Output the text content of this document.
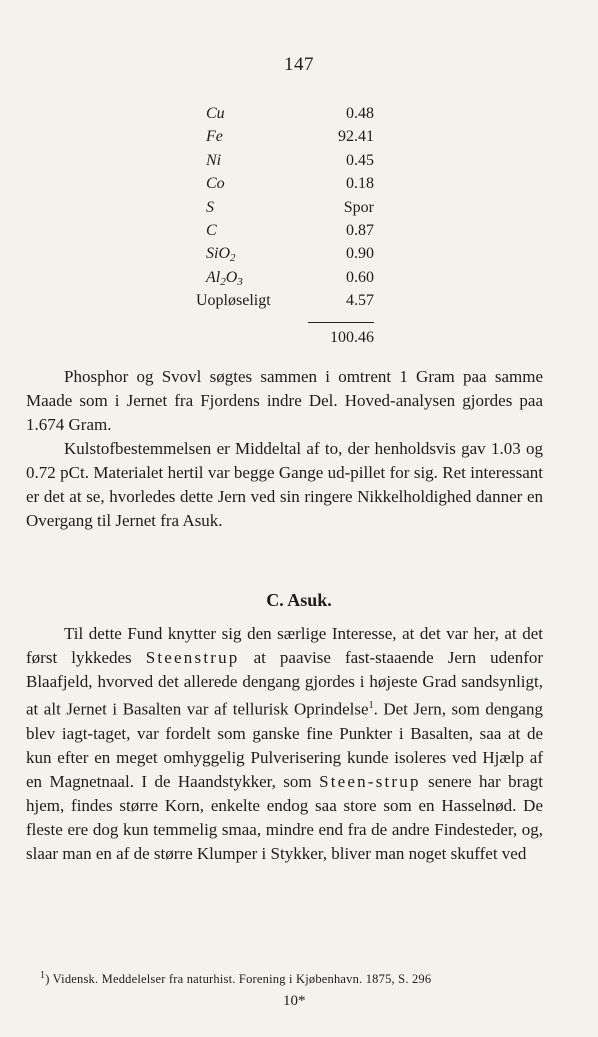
147
Cu	0.48
Fe	92.41
Ni	0.45
Co	0.18
S	Spor
C	0.87
SiO$_2$	0.90
$Al_2O_3$	0.60
Uopløseligt	4.57
100.46

Phosphor og Svovl søgtes sammen i omtrent 1 Gram paa samme Maade som i Jernet fra Fjordens indre Del. Hoved-analysen gjordes paa 1.674 Gram.

Kulstofbestemmelsen er Middeltal af to, der henholdsvis gav 1.03 og 0.72 pCt. Materialet hertil var begge Gange ud-pillet for sig. Ret interessant er det at se, hvorledes dette Jern ved sin ringere Nikkelholdighed danner en Overgang til Jernet fra Asuk.

C. Asuk.

Til dette Fund knytter sig den særlige Interesse, at det var her, at det først lykkedes Steenstrup at paavise fast-staaende Jern udenfor Blaafjeld, hvorved det allerede dengang gjordes i højeste Grad sandsynligt, at alt Jernet i Basalten var af tellurisk Oprindelse$^1$. Det Jern, som dengang blev iagt-taget, var fordelt som ganske fine Punkter i Basalten, saa at de kun efter en meget omhyggelig Pulverisering kunde isoleres ved Hjælp af en Magnetnaal. I de Haandstykker, som Steen-strup senere har bragt hjem, findes større Korn, enkelte endog saa store som en Hasselnød. De fleste ere dog kun temmelig smaa, mindre end fra de andre Findesteder, og, slaar man en af de større Klumper i Stykker, bliver man noget skuffet ved

$^1$) Vidensk. Meddelelser fra naturhist. Forening i Kjøbenhavn. 1875, S. 296
10*
